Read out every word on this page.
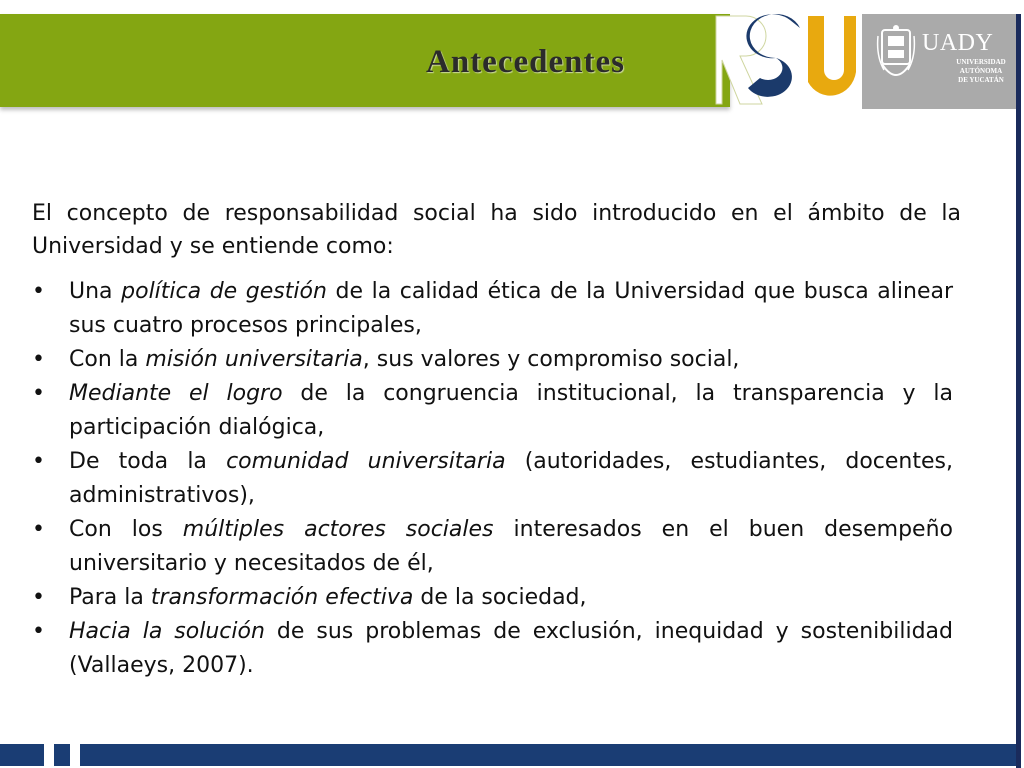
Antecedentes
UADY
UNIVERSIDAD
AUTÓNOMA
DE YUCATÁN

El concepto de responsabilidad social ha sido introducido en el ámbito de la Universidad y se entiende como:

•	Una política de gestión de la calidad ética de la Universidad que busca alinear sus cuatro procesos principales,
•	Con la misión universitaria, sus valores y compromiso social,
•	Mediante el logro de la congruencia institucional, la transparencia y la participación dialógica,
•	De toda la comunidad universitaria (autoridades, estudiantes, docentes, administrativos),
•	Con los múltiples actores sociales interesados en el buen desempeño universitario y necesitados de él,
•	Para la transformación efectiva de la sociedad,
•	Hacia la solución de sus problemas de exclusión, inequidad y sostenibilidad (Vallaeys, 2007).
